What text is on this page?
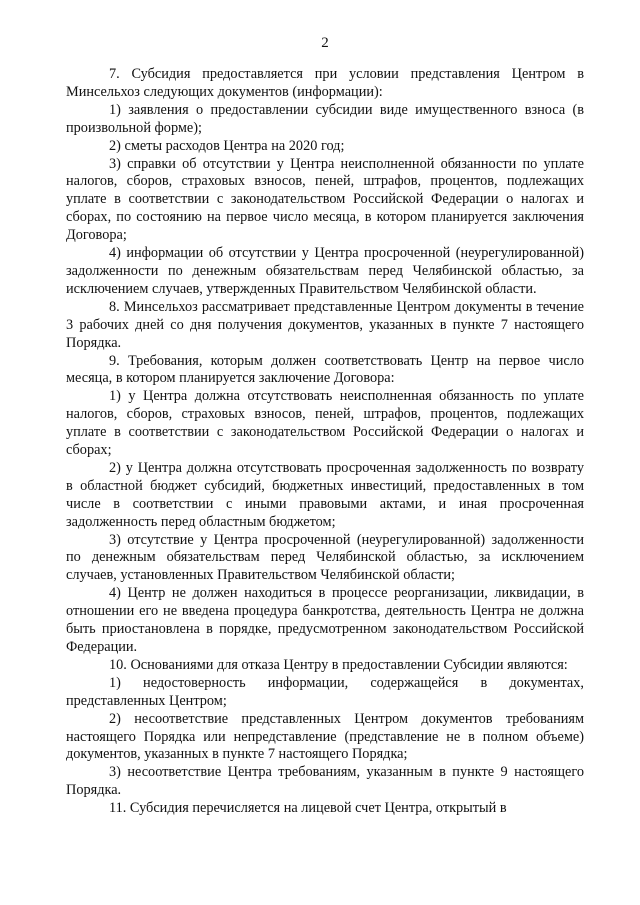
2

7. Субсидия предоставляется при условии представления Центром в Минсельхоз следующих документов (информации):

1) заявления о предоставлении субсидии виде имущественного взноса (в произвольной форме);

2) сметы расходов Центра на 2020 год;

3) справки об отсутствии у Центра неисполненной обязанности по уплате налогов, сборов, страховых взносов, пеней, штрафов, процентов, подлежащих уплате в соответствии с законодательством Российской Федерации о налогах и сборах, по состоянию на первое число месяца, в котором планируется заключения Договора;

4) информации об отсутствии у Центра просроченной (неурегулированной) задолженности по денежным обязательствам перед Челябинской областью, за исключением случаев, утвержденных Правительством Челябинской области.

8. Минсельхоз рассматривает представленные Центром документы в течение 3 рабочих дней со дня получения документов, указанных в пункте 7 настоящего Порядка.

9. Требования, которым должен соответствовать Центр на первое число месяца, в котором планируется заключение Договора:

1) у Центра должна отсутствовать неисполненная обязанность по уплате налогов, сборов, страховых взносов, пеней, штрафов, процентов, подлежащих уплате в соответствии с законодательством Российской Федерации о налогах и сборах;

2) у Центра должна отсутствовать просроченная задолженность по возврату в областной бюджет субсидий, бюджетных инвестиций, предоставленных в том числе в соответствии с иными правовыми актами, и иная просроченная задолженность перед областным бюджетом;

3) отсутствие у Центра просроченной (неурегулированной) задолженности по денежным обязательствам перед Челябинской областью, за исключением случаев, установленных Правительством Челябинской области;

4) Центр не должен находиться в процессе реорганизации, ликвидации, в отношении его не введена процедура банкротства, деятельность Центра не должна быть приостановлена в порядке, предусмотренном законодательством Российской Федерации.

10. Основаниями для отказа Центру в предоставлении Субсидии являются:

1) недостоверность информации, содержащейся в документах, представленных Центром;

2) несоответствие представленных Центром документов требованиям настоящего Порядка или непредставление (представление не в полном объеме) документов, указанных в пункте 7 настоящего Порядка;

3) несоответствие Центра требованиям, указанным в пункте 9 настоящего Порядка.

11. Субсидия перечисляется на лицевой счет Центра, открытый в
